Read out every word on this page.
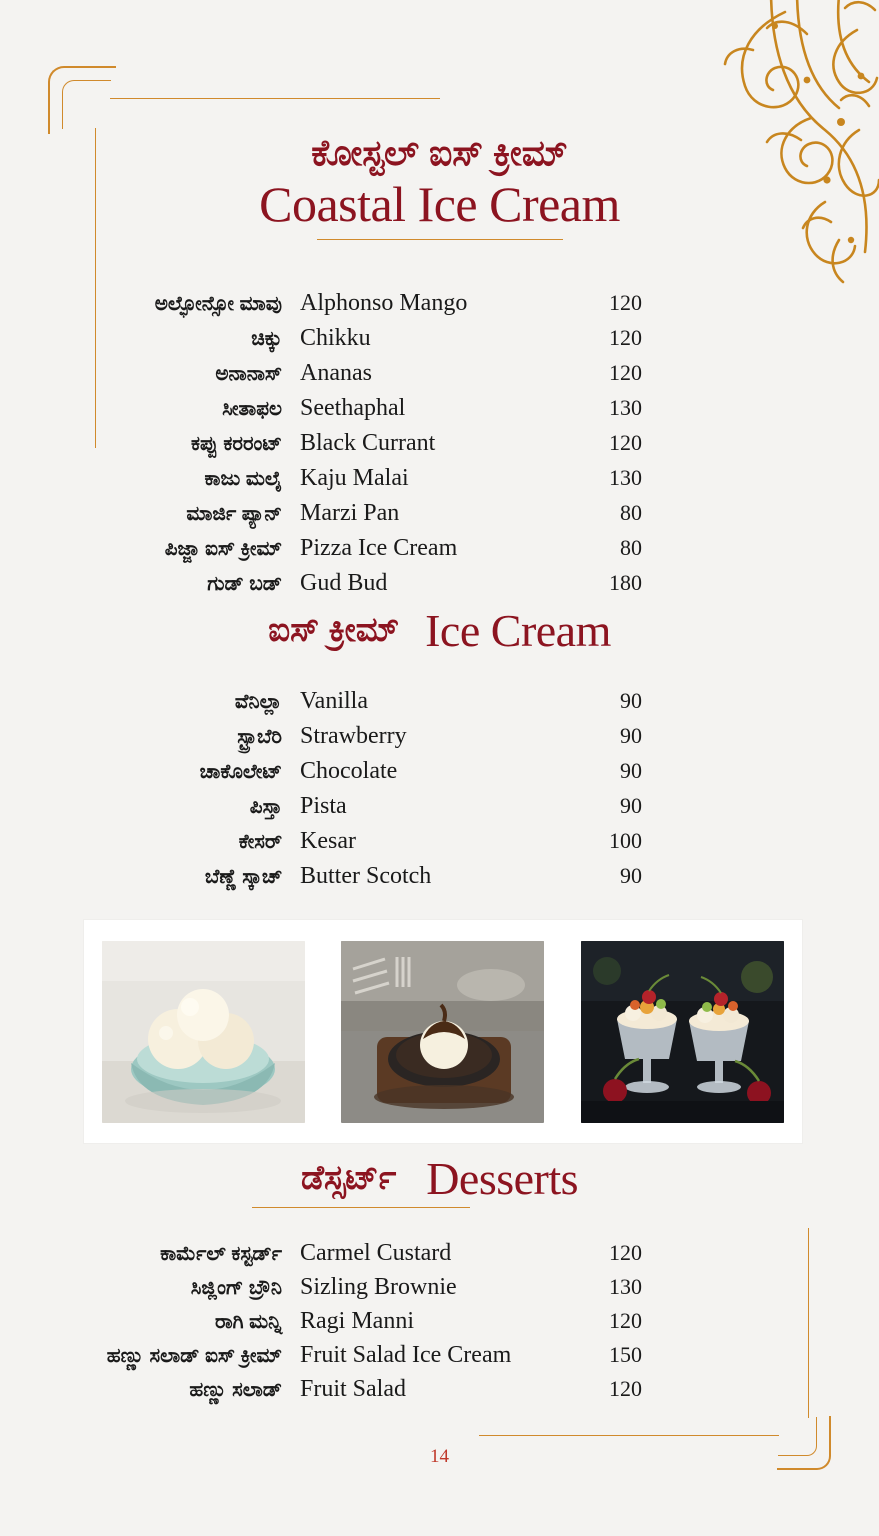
ಕೋಸ್ಟಲ್ ಐಸ್ ಕ್ರೀಮ್
Coastal Ice Cream
ಅಲ್ಫೋನ್ಸೋ ಮಾವು Alphonso Mango	120
ಚಿಕ್ಕು Chikku	120
ಅನಾನಾಸ್ Ananas	120
ಸೀತಾಫಲ Seethaphal	130
ಕಪ್ಪು ಕರರಂಟ್ Black Currant	120
ಕಾಜು ಮಲೈ Kaju Malai	130
ಮಾರ್ಜಿ ಪ್ಯಾನ್ Marzi Pan	80
ಪಿಜ್ಜಾ ಐಸ್ ಕ್ರೀಮ್ Pizza Ice Cream	80
ಗುಡ್ ಬಡ್ Gud Bud	180
ಐಸ್ ಕ್ರೀಮ್ Ice Cream
ವೆನಿಲ್ಲಾ Vanilla	90
ಸ್ಟ್ರಾಬೆರಿ Strawberry	90
ಚಾಕೊಲೇಟ್ Chocolate	90
ಪಿಸ್ತಾ Pista	90
ಕೇಸರ್ Kesar	100
ಬೆಣ್ಣೆ ಸ್ಕಾಚ್ Butter Scotch	90
ಡೆಸ್ಸರ್ಟ್ Desserts
ಕಾರ್ಮೆಲ್ ಕಸ್ಟರ್ಡ್ Carmel Custard	120
ಸಿಜ್ಲಿಂಗ್ ಬ್ರೌನಿ Sizling Brownie	130
ರಾಗಿ ಮನ್ನಿ Ragi Manni	120
ಹಣ್ಣು ಸಲಾಡ್ ಐಸ್ ಕ್ರೀಮ್ Fruit Salad Ice Cream	150
ಹಣ್ಣು ಸಲಾಡ್ Fruit Salad	120
14
